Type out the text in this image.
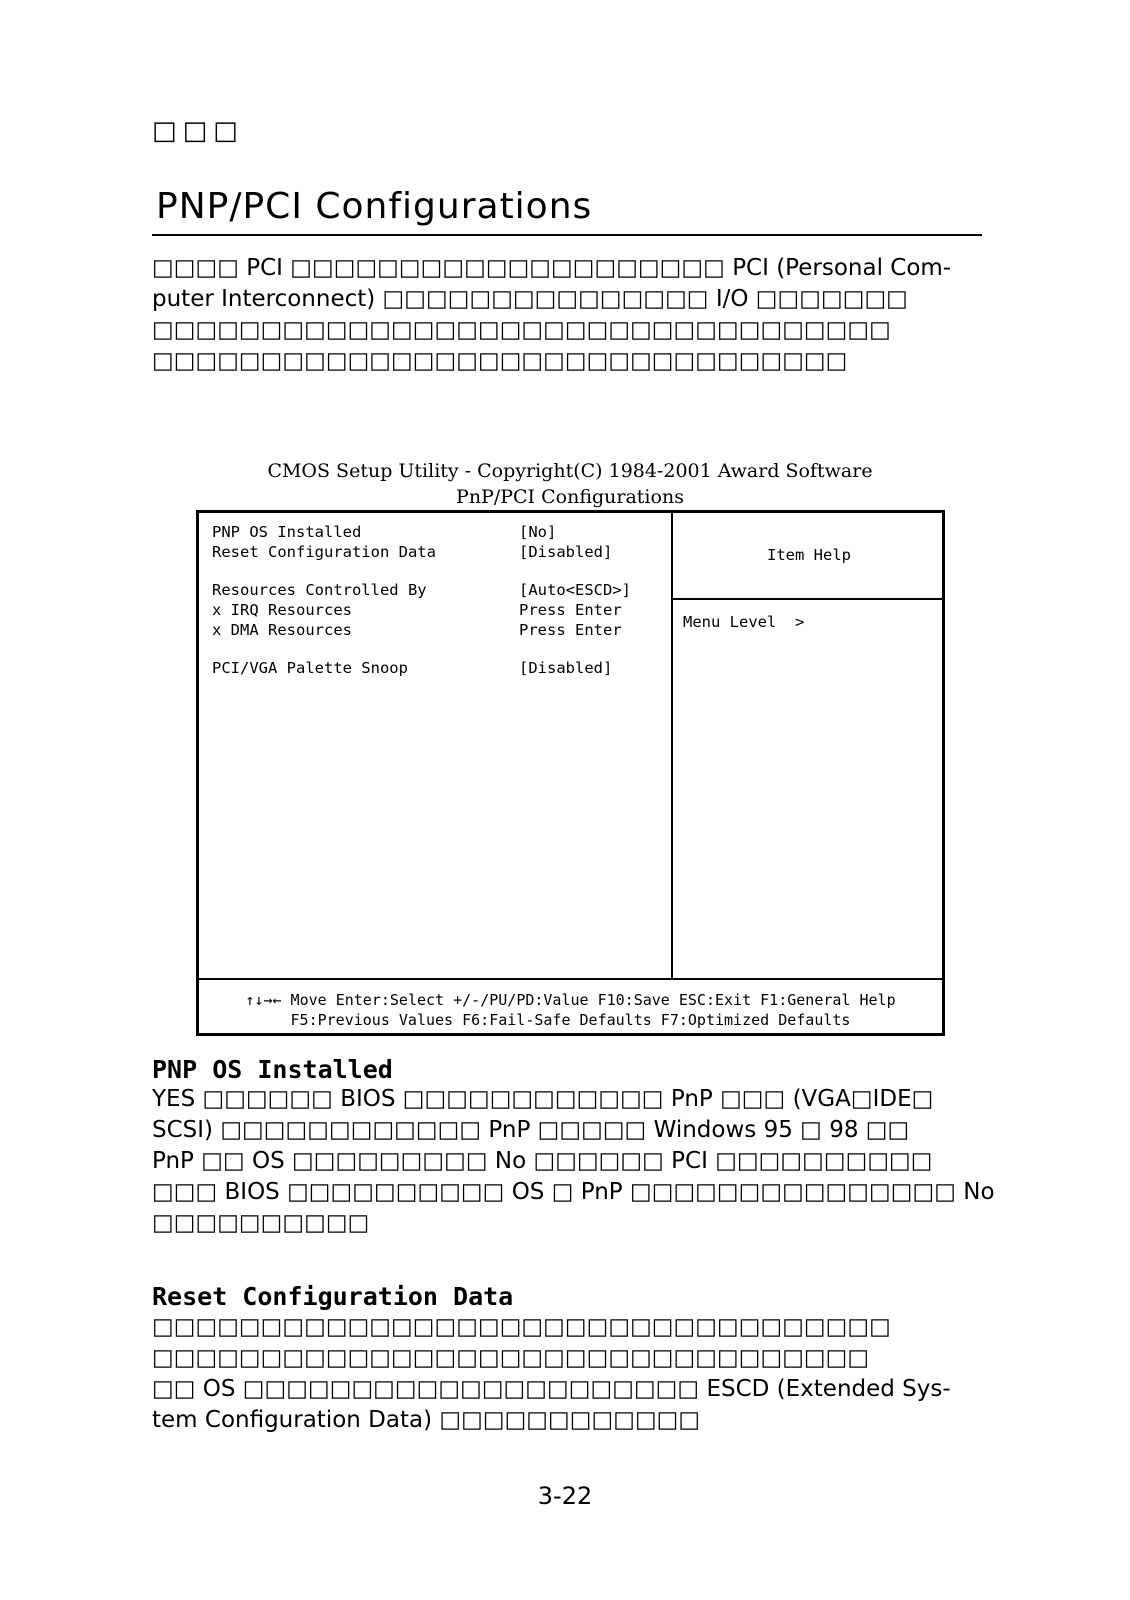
□□□
PNP/PCI Configurations

□□□□ PCI □□□□□□□□□□□□□□□□□□□□ PCI (Personal Com-

puter Interconnect) □□□□□□□□□□□□□□□ I/O □□□□□□□

□□□□□□□□□□□□□□□□□□□□□□□□□□□□□□□□□□

□□□□□□□□□□□□□□□□□□□□□□□□□□□□□□□□

CMOS Setup Utility - Copyright(C) 1984-2001 Award Software
PnP/PCI Configurations
PNP OS Installed	[No]
Reset Configuration Data	[Disabled]
Resources Controlled By	[Auto<ESCD>]
x IRQ Resources	Press Enter
x DMA Resources	Press Enter
PCI/VGA Palette Snoop	[Disabled]
Item Help
Menu Level  >
↑↓→← Move Enter:Select +/-/PU/PD:Value F10:Save ESC:Exit F1:General Help
F5:Previous Values F6:Fail-Safe Defaults F7:Optimized Defaults
PNP OS Installed

YES □□□□□□ BIOS □□□□□□□□□□□□ PnP □□□ (VGA□IDE□

SCSI) □□□□□□□□□□□□ PnP □□□□□ Windows 95 □ 98 □□

PnP □□ OS □□□□□□□□□ No □□□□□□ PCI □□□□□□□□□□

□□□ BIOS □□□□□□□□□□ OS □ PnP □□□□□□□□□□□□□□□ No

□□□□□□□□□□

Reset Configuration Data

□□□□□□□□□□□□□□□□□□□□□□□□□□□□□□□□□□

□□□□□□□□□□□□□□□□□□□□□□□□□□□□□□□□□

□□ OS □□□□□□□□□□□□□□□□□□□□□ ESCD (Extended Sys-

tem Configuration Data) □□□□□□□□□□□□

3-22
